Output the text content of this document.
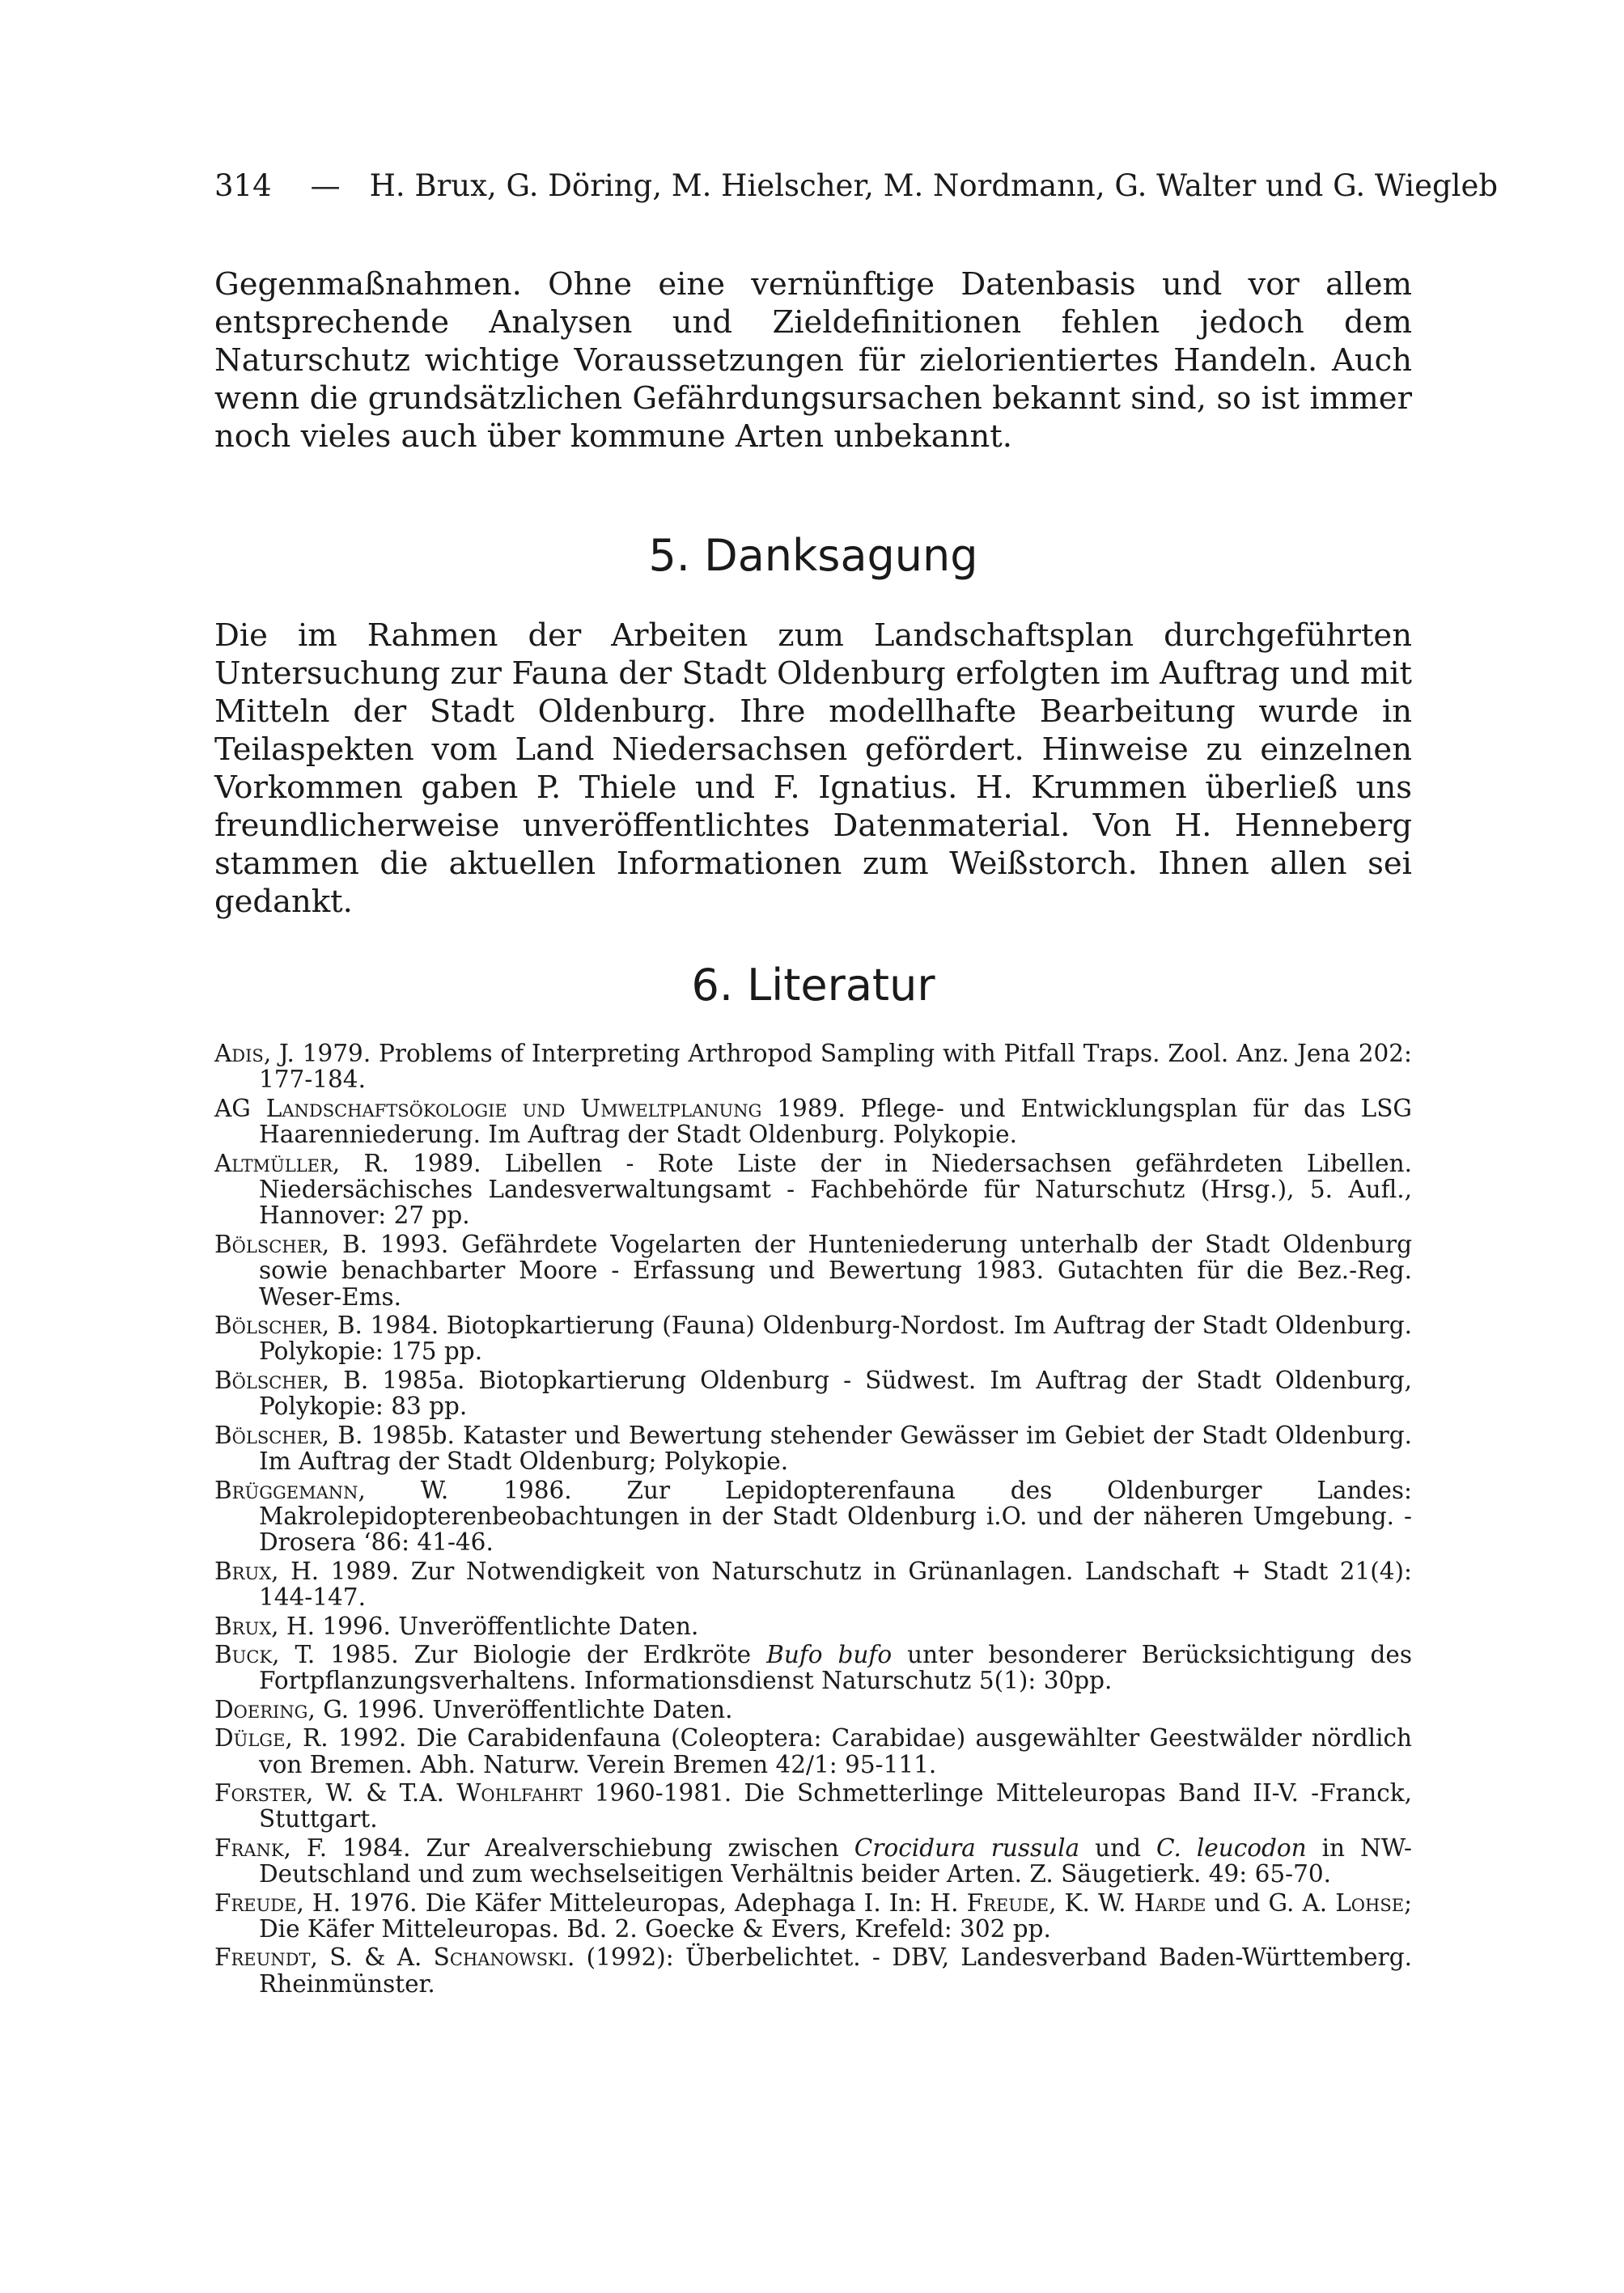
314 — H. Brux, G. Döring, M. Hielscher, M. Nordmann, G. Walter und G. Wiegleb

Gegenmaßnahmen. Ohne eine vernünftige Datenbasis und vor allem entsprechende Analysen und Zieldefinitionen fehlen jedoch dem Naturschutz wichtige Voraussetzungen für zielorientiertes Handeln. Auch wenn die grundsätzlichen Gefährdungsursachen bekannt sind, so ist immer noch vieles auch über kommune Arten unbekannt.

5. Danksagung

Die im Rahmen der Arbeiten zum Landschaftsplan durchgeführten Untersuchung zur Fauna der Stadt Oldenburg erfolgten im Auftrag und mit Mitteln der Stadt Oldenburg. Ihre modellhafte Bearbeitung wurde in Teilaspekten vom Land Niedersachsen gefördert. Hinweise zu einzelnen Vorkommen gaben P. Thiele und F. Ignatius. H. Krummen überließ uns freundlicherweise unveröffentlichtes Datenmaterial. Von H. Henneberg stammen die aktuellen Informationen zum Weißstorch. Ihnen allen sei gedankt.

6. Literatur

Adis, J. 1979. Problems of Interpreting Arthropod Sampling with Pitfall Traps. Zool. Anz. Jena 202: 177-184.

AG Landschaftsökologie und Umweltplanung 1989. Pflege- und Entwicklungsplan für das LSG Haarenniederung. Im Auftrag der Stadt Oldenburg. Polykopie.

Altmüller, R. 1989. Libellen - Rote Liste der in Niedersachsen gefährdeten Libellen. Niedersächisches Landesverwaltungsamt - Fachbehörde für Naturschutz (Hrsg.), 5. Aufl., Hannover: 27 pp.

Bölscher, B. 1993. Gefährdete Vogelarten der Hunteniederung unterhalb der Stadt Oldenburg sowie benachbarter Moore - Erfassung und Bewertung 1983. Gutachten für die Bez.-Reg. Weser-Ems.

Bölscher, B. 1984. Biotopkartierung (Fauna) Oldenburg-Nordost. Im Auftrag der Stadt Oldenburg. Polykopie: 175 pp.

Bölscher, B. 1985a. Biotopkartierung Oldenburg - Südwest. Im Auftrag der Stadt Oldenburg, Polykopie: 83 pp.

Bölscher, B. 1985b. Kataster und Bewertung stehender Gewässer im Gebiet der Stadt Oldenburg. Im Auftrag der Stadt Oldenburg; Polykopie.

Brüggemann, W. 1986. Zur Lepidopterenfauna des Oldenburger Landes: Makrolepidopterenbeobachtungen in der Stadt Oldenburg i.O. und der näheren Umgebung. - Drosera ‘86: 41-46.

Brux, H. 1989. Zur Notwendigkeit von Naturschutz in Grünanlagen. Landschaft + Stadt 21(4): 144-147.

Brux, H. 1996. Unveröffentlichte Daten.

Buck, T. 1985. Zur Biologie der Erdkröte Bufo bufo unter besonderer Berücksichtigung des Fortpflanzungsverhaltens. Informationsdienst Naturschutz 5(1): 30pp.

Doering, G. 1996. Unveröffentlichte Daten.

Dülge, R. 1992. Die Carabidenfauna (Coleoptera: Carabidae) ausgewählter Geestwälder nördlich von Bremen. Abh. Naturw. Verein Bremen 42/1: 95-111.

Forster, W. & T.A. Wohlfahrt 1960-1981. Die Schmetterlinge Mitteleuropas Band II-V. -Franck, Stuttgart.

Frank, F. 1984. Zur Arealverschiebung zwischen Crocidura russula und C. leucodon in NW-Deutschland und zum wechselseitigen Verhältnis beider Arten. Z. Säugetierk. 49: 65-70.

Freude, H. 1976. Die Käfer Mitteleuropas, Adephaga I. In: H. Freude, K. W. Harde und G. A. Lohse; Die Käfer Mitteleuropas. Bd. 2. Goecke & Evers, Krefeld: 302 pp.

Freundt, S. & A. Schanowski. (1992): Überbelichtet. - DBV, Landesverband Baden-Württemberg. Rheinmünster.
